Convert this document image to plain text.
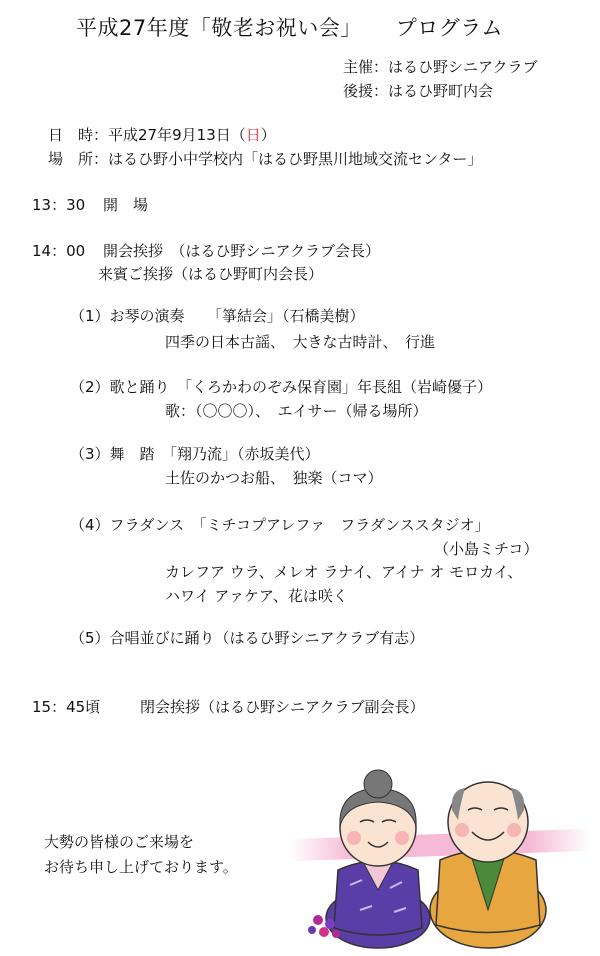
平成27年度「敬老お祝い会」 プログラム
主催：はるひ野シニアクラブ
後援：はるひ野町内会
日　時：平成27年9月13日（日）
場　所：はるひ野小中学校内「はるひ野黒川地域交流センター」
13：30 開　場
14：00 開会挨拶　（はるひ野シニアクラブ会長）
来賓ご挨拶（はるひ野町内会長）
（1）お琴の演奏　　「箏結会」（石橋美樹）
四季の日本古謡、　大きな古時計、　行進
（2）歌と踊り　「くろかわのぞみ保育園」年長組（岩崎優子）
歌：（〇〇〇）、　エイサー（帰る場所）
（3）舞　踏　「翔乃流」（赤坂美代）
土佐のかつお船、　独楽（コマ）
（4）フラダンス　「ミチコプアレファ　フラダンススタジオ」
（小島ミチコ）
カレフア ウラ、メレオ ラナイ、アイナ オ モロカイ、
ハワイ アァケア、花は咲く
（5）合唱並びに踊り（はるひ野シニアクラブ有志）
15：45頃	閉会挨拶（はるひ野シニアクラブ副会長）
大勢の皆様のご来場を
お待ち申し上げております。
